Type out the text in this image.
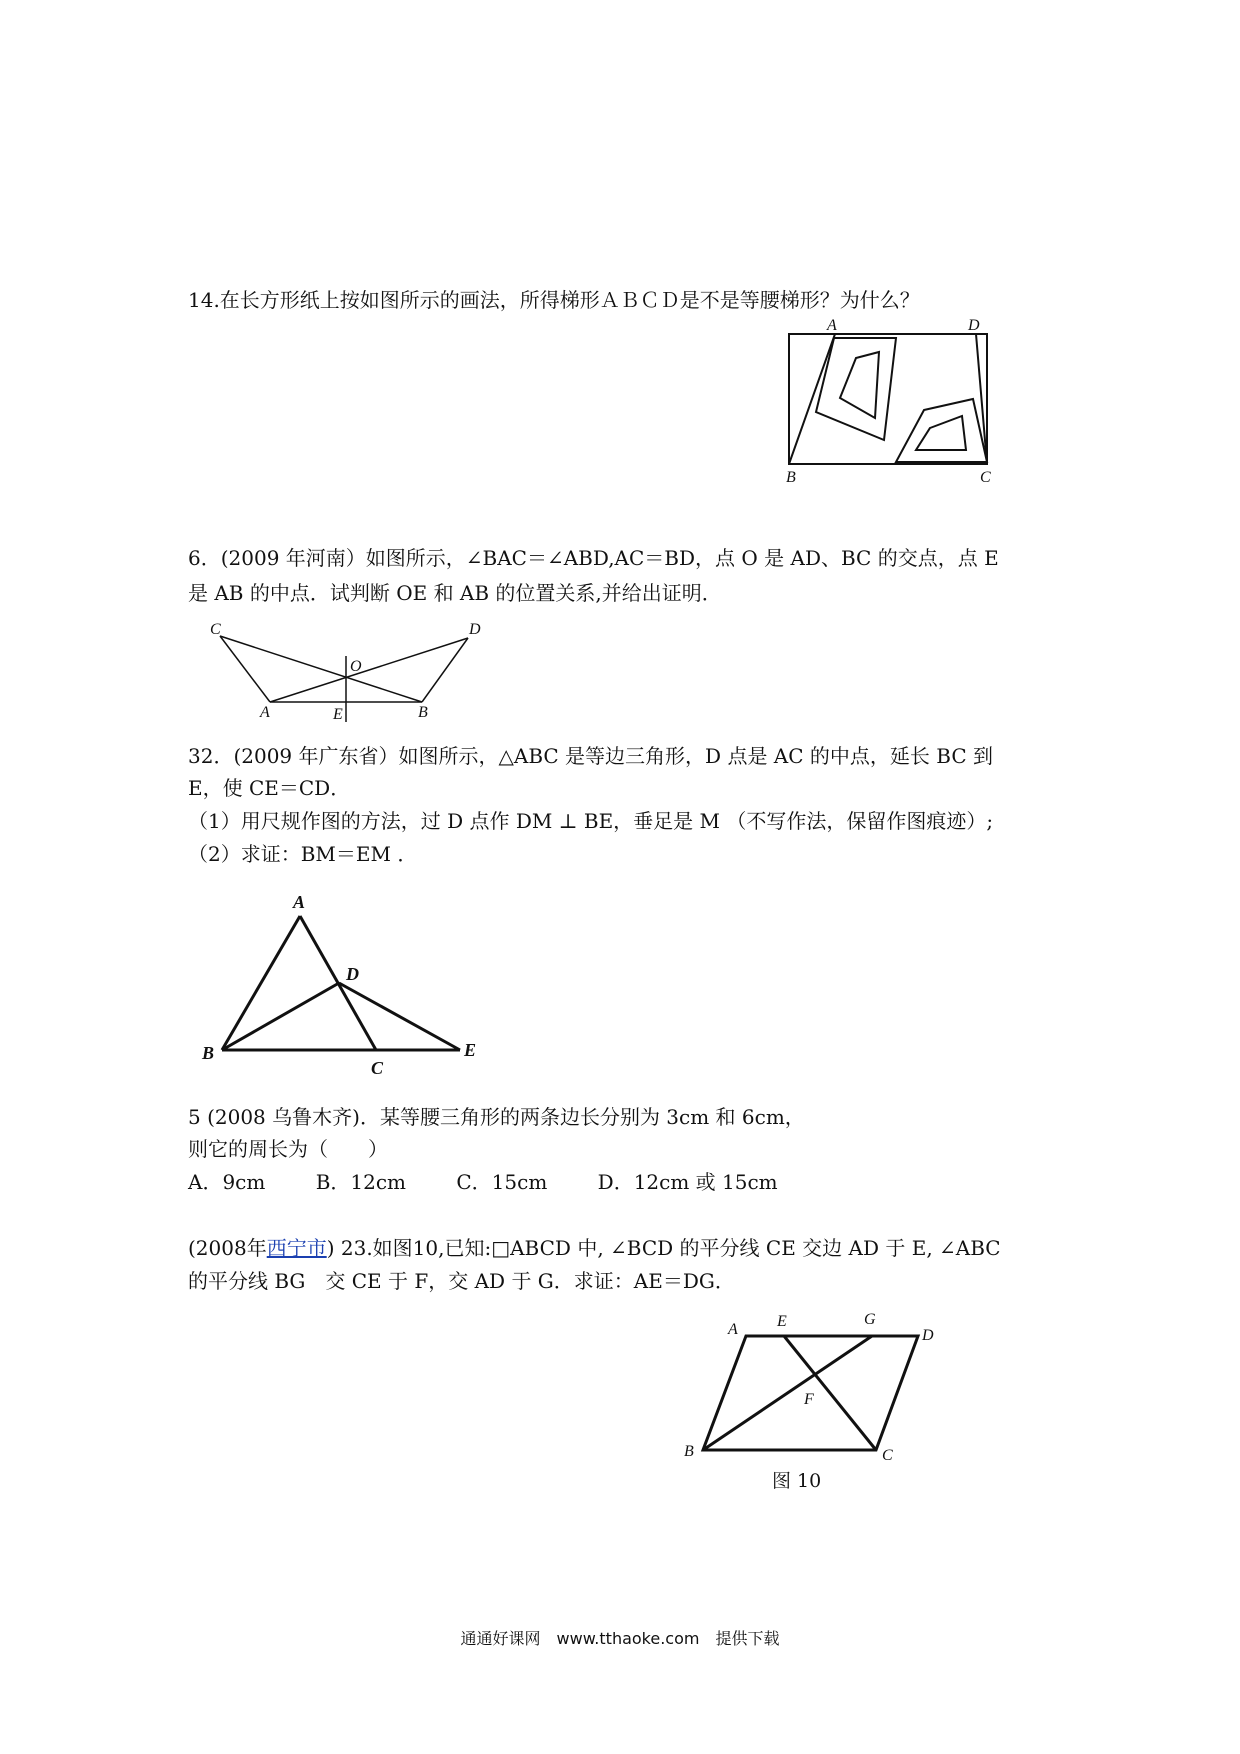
14.在长方形纸上按如图所示的画法，所得梯形ＡＢＣＤ是不是等腰梯形？为什么？
A	D
B	C
6．(2009 年河南）如图所示，∠BAC＝∠ABD,AC＝BD，点 O 是 AD、BC 的交点，点 E
是 AB 的中点．试判断 OE 和 AB 的位置关系,并给出证明．
C	D
O
A	E	B
32．(2009 年广东省）如图所示，△ABC 是等边三角形，D 点是 AC 的中点，延长 BC 到
E，使 CE＝CD．
（1）用尺规作图的方法，过 D 点作 DM ⊥ BE，垂足是 M （不写作法，保留作图痕迹）;
（2）求证：BM＝EM ．
A
D
B
C
E
5 (2008 乌鲁木齐)．某等腰三角形的两条边长分别为 3cm 和 6cm，
则它的周长为（　　）
A．9cm	B．12cm	C．15cm	D．12cm 或 15cm
(2008年西宁市) 23.如图10,已知:□ABCD 中, ∠BCD 的平分线 CE 交边 AD 于 E, ∠ABC
的平分线 BG　交 CE 于 F，交 AD 于 G．求证：AE＝DG．
A E	G
D
F
B	C
图 10
通通好课网　www.tthaoke.com　提供下载
